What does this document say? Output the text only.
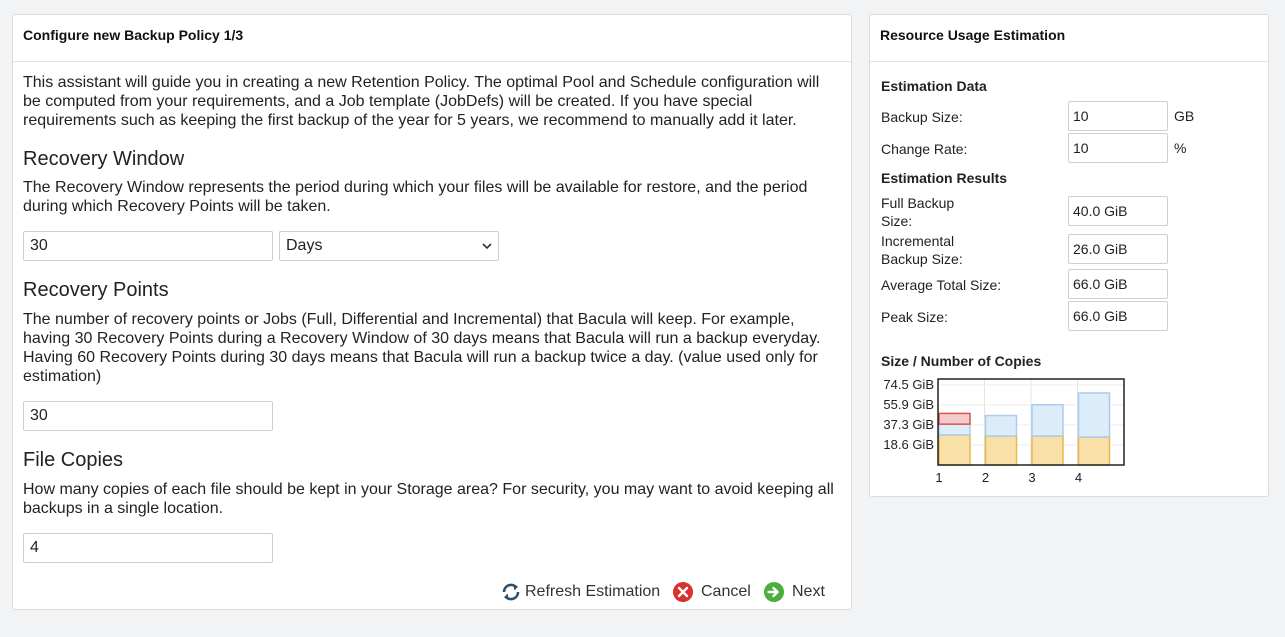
Configure new Backup Policy 1/3
This assistant will guide you in creating a new Retention Policy. The optimal Pool and Schedule configuration will be computed from your requirements, and a Job template (JobDefs) will be created. If you have special requirements such as keeping the first backup of the year for 5 years, we recommend to manually add it later.
Recovery Window
The Recovery Window represents the period during which your files will be available for restore, and the period during which Recovery Points will be taken.
30	Days
Recovery Points
The number of recovery points or Jobs (Full, Differential and Incremental) that Bacula will keep. For example, having 30 Recovery Points during a Recovery Window of 30 days means that Bacula will run a backup everyday. Having 60 Recovery Points during 30 days means that Bacula will run a backup twice a day. (value used only for estimation)
30
File Copies
How many copies of each file should be kept in your Storage area? For security, you may want to avoid keeping all backups in a single location.
4
Refresh Estimation	Cancel	Next
Resource Usage Estimation
Estimation Data
Backup Size:	10	GB
Change Rate:	10	%
Estimation Results
Full Backup
Size:
40.0 GiB
Incremental
Backup Size:
26.0 GiB
Average Total Size:	66.0 GiB
Peak Size:	66.0 GiB
Size / Number of Copies
74.5 GiB
55.9 GiB
37.3 GiB
18.6 GiB
1	2	3	4
